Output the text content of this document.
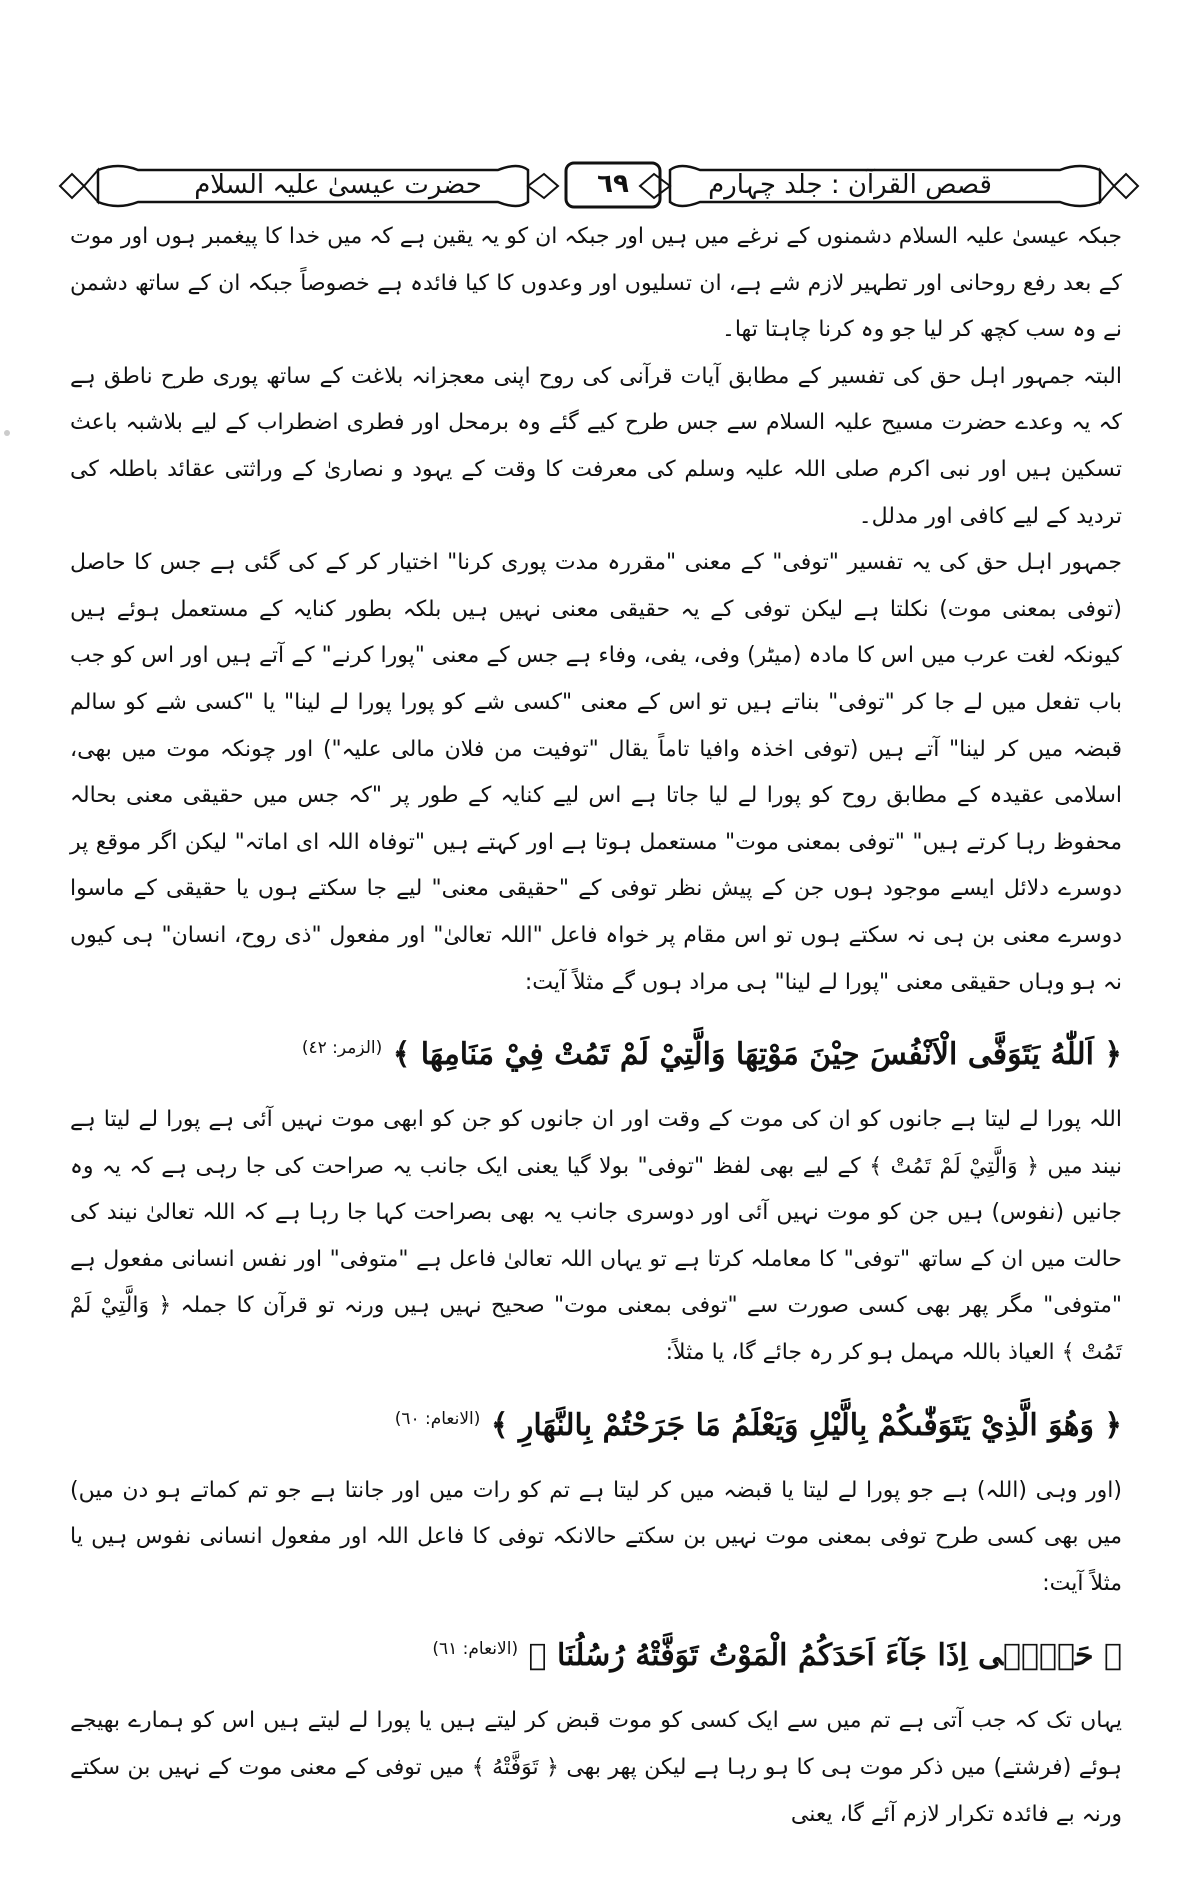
قصص القرآن : جلد چہارم
٦٩
حضرت عیسیٰ علیہ السلام

جبکہ عیسیٰ علیہ السلام دشمنوں کے نرغے میں ہیں اور جبکہ ان کو یہ یقین ہے کہ میں خدا کا پیغمبر ہوں اور موت کے بعد رفع روحانی اور تطہیر لازم شے ہے، ان تسلیوں اور وعدوں کا کیا فائدہ ہے خصوصاً جبکہ ان کے ساتھ دشمن نے وہ سب کچھ کر لیا جو وہ کرنا چاہتا تھا۔

البتہ جمہور اہل حق کی تفسیر کے مطابق آیات قرآنی کی روح اپنی معجزانہ بلاغت کے ساتھ پوری طرح ناطق ہے کہ یہ وعدے حضرت مسیح علیہ السلام سے جس طرح کیے گئے وہ برمحل اور فطری اضطراب کے لیے بلاشبہ باعث تسکین ہیں اور نبی اکرم صلی اللہ علیہ وسلم کی معرفت کا وقت کے یہود و نصاریٰ کے وراثتی عقائد باطلہ کی تردید کے لیے کافی اور مدلل۔

جمہور اہل حق کی یہ تفسیر "توفی" کے معنی "مقررہ مدت پوری کرنا" اختیار کر کے کی گئی ہے جس کا حاصل (توفی بمعنی موت) نکلتا ہے لیکن توفی کے یہ حقیقی معنی نہیں ہیں بلکہ بطور کنایہ کے مستعمل ہوئے ہیں کیونکہ لغت عرب میں اس کا مادہ (میٹر) وفی، یفی، وفاء ہے جس کے معنی "پورا کرنے" کے آتے ہیں اور اس کو جب باب تفعل میں لے جا کر "توفی" بناتے ہیں تو اس کے معنی "کسی شے کو پورا پورا لے لینا" یا "کسی شے کو سالم قبضہ میں کر لینا" آتے ہیں (توفی اخذہ وافیا تاماً یقال "توفیت من فلان مالی علیہ") اور چونکہ موت میں بھی، اسلامی عقیدہ کے مطابق روح کو پورا لے لیا جاتا ہے اس لیے کنایہ کے طور پر "کہ جس میں حقیقی معنی بحالہ محفوظ رہا کرتے ہیں" "توفی بمعنی موت" مستعمل ہوتا ہے اور کہتے ہیں "توفاہ اللہ ای اماتہ" لیکن اگر موقع پر دوسرے دلائل ایسے موجود ہوں جن کے پیش نظر توفی کے "حقیقی معنی" لیے جا سکتے ہوں یا حقیقی کے ماسوا دوسرے معنی بن ہی نہ سکتے ہوں تو اس مقام پر خواہ فاعل "اللہ تعالیٰ" اور مفعول "ذی روح، انسان" ہی کیوں نہ ہو وہاں حقیقی معنی "پورا لے لینا" ہی مراد ہوں گے مثلاً آیت:

﴿ اَللّٰهُ يَتَوَفَّى الْاَنْفُسَ حِيْنَ مَوْتِهَا وَالَّتِيْ لَمْ تَمُتْ فِيْ مَنَامِهَا ﴾ $^{(الزمر: ٤٢)}$

اللہ پورا لے لیتا ہے جانوں کو ان کی موت کے وقت اور ان جانوں کو جن کو ابھی موت نہیں آئی ہے پورا لے لیتا ہے نیند میں ﴿ وَالَّتِيْ لَمْ تَمُتْ ﴾ کے لیے بھی لفظ "توفی" بولا گیا یعنی ایک جانب یہ صراحت کی جا رہی ہے کہ یہ وہ جانیں (نفوس) ہیں جن کو موت نہیں آئی اور دوسری جانب یہ بھی بصراحت کہا جا رہا ہے کہ اللہ تعالیٰ نیند کی حالت میں ان کے ساتھ "توفی" کا معاملہ کرتا ہے تو یہاں اللہ تعالیٰ فاعل ہے "متوفی" اور نفس انسانی مفعول ہے "متوفی" مگر پھر بھی کسی صورت سے "توفی بمعنی موت" صحیح نہیں ہیں ورنہ تو قرآن کا جملہ ﴿ وَالَّتِيْ لَمْ تَمُتْ ﴾ العیاذ باللہ مہمل ہو کر رہ جائے گا، یا مثلاً:

﴿ وَهُوَ الَّذِيْ يَتَوَفّٰىكُمْ بِالَّيْلِ وَيَعْلَمُ مَا جَرَحْتُمْ بِالنَّهَارِ ﴾ $^{(الانعام: ٦٠)}$

(اور وہی (اللہ) ہے جو پورا لے لیتا یا قبضہ میں کر لیتا ہے تم کو رات میں اور جانتا ہے جو تم کماتے ہو دن میں) میں بھی کسی طرح توفی بمعنی موت نہیں بن سکتے حالانکہ توفی کا فاعل اللہ اور مفعول انسانی نفوس ہیں یا مثلاً آیت:

﴿ حَتّٰۤى اِذَا جَآءَ اَحَدَكُمُ الْمَوْتُ تَوَفَّتْهُ رُسُلُنَا ﴾ $^{(الانعام: ٦١)}$

یہاں تک کہ جب آتی ہے تم میں سے ایک کسی کو موت قبض کر لیتے ہیں یا پورا لے لیتے ہیں اس کو ہمارے بھیجے ہوئے (فرشتے) میں ذکر موت ہی کا ہو رہا ہے لیکن پھر بھی ﴿ تَوَفَّتْهُ ﴾ میں توفی کے معنی موت کے نہیں بن سکتے ورنہ بے فائدہ تکرار لازم آئے گا، یعنی
